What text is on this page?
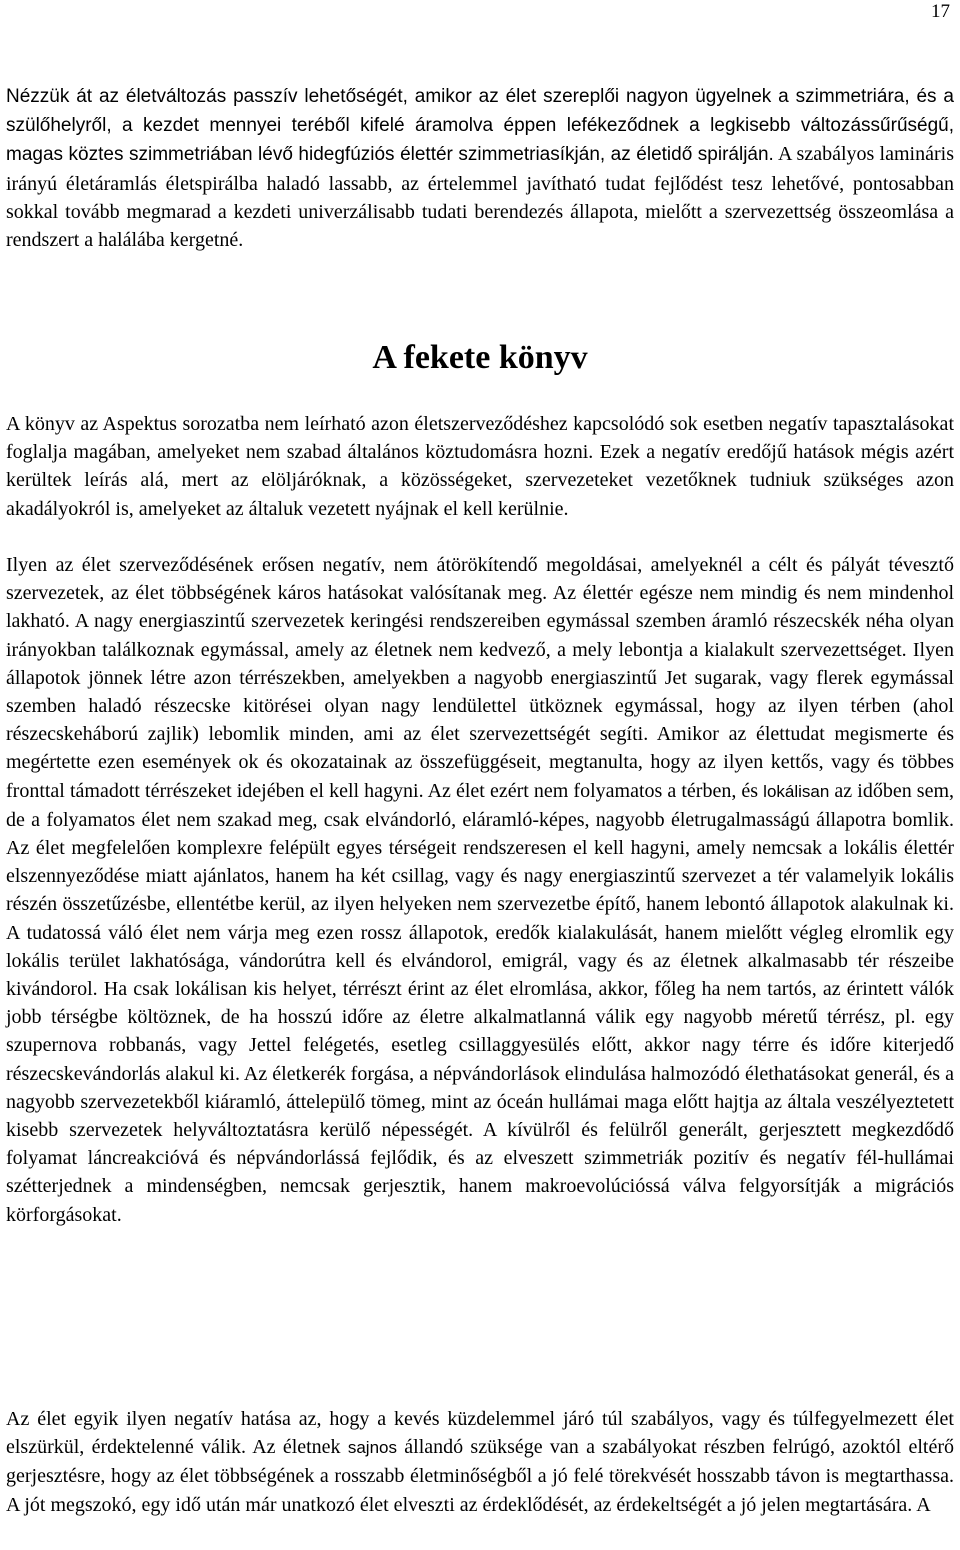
17

Nézzük át az életváltozás passzív lehetőségét, amikor az élet szereplői nagyon ügyelnek a szimmetriára, és a szülőhelyről, a kezdet mennyei teréből kifelé áramolva éppen lefékeződnek a legkisebb változássűrűségű, magas köztes szimmetriában lévő hidegfúziós élettér szimmetriasíkján, az életidő spirálján. A szabályos lamináris irányú életáramlás életspirálba haladó lassabb, az értelemmel javítható tudat fejlődést tesz lehetővé, pontosabban sokkal tovább megmarad a kezdeti univerzálisabb tudati berendezés állapota, mielőtt a szervezettség összeomlása a rendszert a halálába kergetné.

A fekete könyv

A könyv az Aspektus sorozatba nem leírható azon életszerveződéshez kapcsolódó sok esetben negatív tapasztalásokat foglalja magában, amelyeket nem szabad általános köztudomásra hozni. Ezek a negatív eredőjű hatások mégis azért kerültek leírás alá, mert az elöljáróknak, a közösségeket, szervezeteket vezetőknek tudniuk szükséges azon akadályokról is, amelyeket az általuk vezetett nyájnak el kell kerülnie.

Ilyen az élet szerveződésének erősen negatív, nem átörökítendő megoldásai, amelyeknél a célt és pályát tévesztő szervezetek, az élet többségének káros hatásokat valósítanak meg. Az élettér egésze nem mindig és nem mindenhol lakható. A nagy energiaszintű szervezetek keringési rendszereiben egymással szemben áramló részecskék néha olyan irányokban találkoznak egymással, amely az életnek nem kedvező, a mely lebontja a kialakult szervezettséget. Ilyen állapotok jönnek létre azon térrészekben, amelyekben a nagyobb energiaszintű Jet sugarak, vagy flerek egymással szemben haladó részecske kitörései olyan nagy lendülettel ütköznek egymással, hogy az ilyen térben (ahol részecskeháború zajlik) lebomlik minden, ami az élet szervezettségét segíti. Amikor az élettudat megismerte és megértette ezen események ok és okozatainak az összefüggéseit, megtanulta, hogy az ilyen kettős, vagy és többes fronttal támadott térrészeket idejében el kell hagyni. Az élet ezért nem folyamatos a térben, és lokálisan az időben sem, de a folyamatos élet nem szakad meg, csak elvándorló, eláramló-képes, nagyobb életrugalmasságú állapotra bomlik. Az élet megfelelően komplexre felépült egyes térségeit rendszeresen el kell hagyni, amely nemcsak a lokális élettér elszennyeződése miatt ajánlatos, hanem ha két csillag, vagy és nagy energiaszintű szervezet a tér valamelyik lokális részén összetűzésbe, ellentétbe kerül, az ilyen helyeken nem szervezetbe építő, hanem lebontó állapotok alakulnak ki. A tudatossá váló élet nem várja meg ezen rossz állapotok, eredők kialakulását, hanem mielőtt végleg elromlik egy lokális terület lakhatósága, vándorútra kell és elvándorol, emigrál, vagy és az életnek alkalmasabb tér részeibe kivándorol. Ha csak lokálisan kis helyet, térrészt érint az élet elromlása, akkor, főleg ha nem tartós, az érintett válók jobb térségbe költöznek, de ha hosszú időre az életre alkalmatlanná válik egy nagyobb méretű térrész, pl. egy szupernova robbanás, vagy Jettel felégetés, esetleg csillaggyesülés előtt, akkor nagy térre és időre kiterjedő részecskevándorlás alakul ki. Az életkerék forgása, a népvándorlások elindulása halmozódó élethatásokat generál, és a nagyobb szervezetekből kiáramló, áttelepülő tömeg, mint az óceán hullámai maga előtt hajtja az általa veszélyeztetett kisebb szervezetek helyváltoztatásra kerülő népességét. A kívülről és felülről generált, gerjesztett megkezdődő folyamat láncreakcióvá és népvándorlássá fejlődik, és az elveszett szimmetriák pozitív és negatív fél-hullámai szétterjednek a mindenségben, nemcsak gerjesztik, hanem makroevolúcióssá válva felgyorsítják a migrációs körforgásokat.

Az élet egyik ilyen negatív hatása az, hogy a kevés küzdelemmel járó túl szabályos, vagy és túlfegyelmezett élet elszürkül, érdektelenné válik. Az életnek sajnos állandó szüksége van a szabályokat részben felrúgó, azoktól eltérő gerjesztésre, hogy az élet többségének a rosszabb életminőségből a jó felé törekvését hosszabb távon is megtarthassa. A jót megszokó, egy idő után már unatkozó élet elveszti az érdeklődését, az érdekeltségét a jó jelen megtartására. A
